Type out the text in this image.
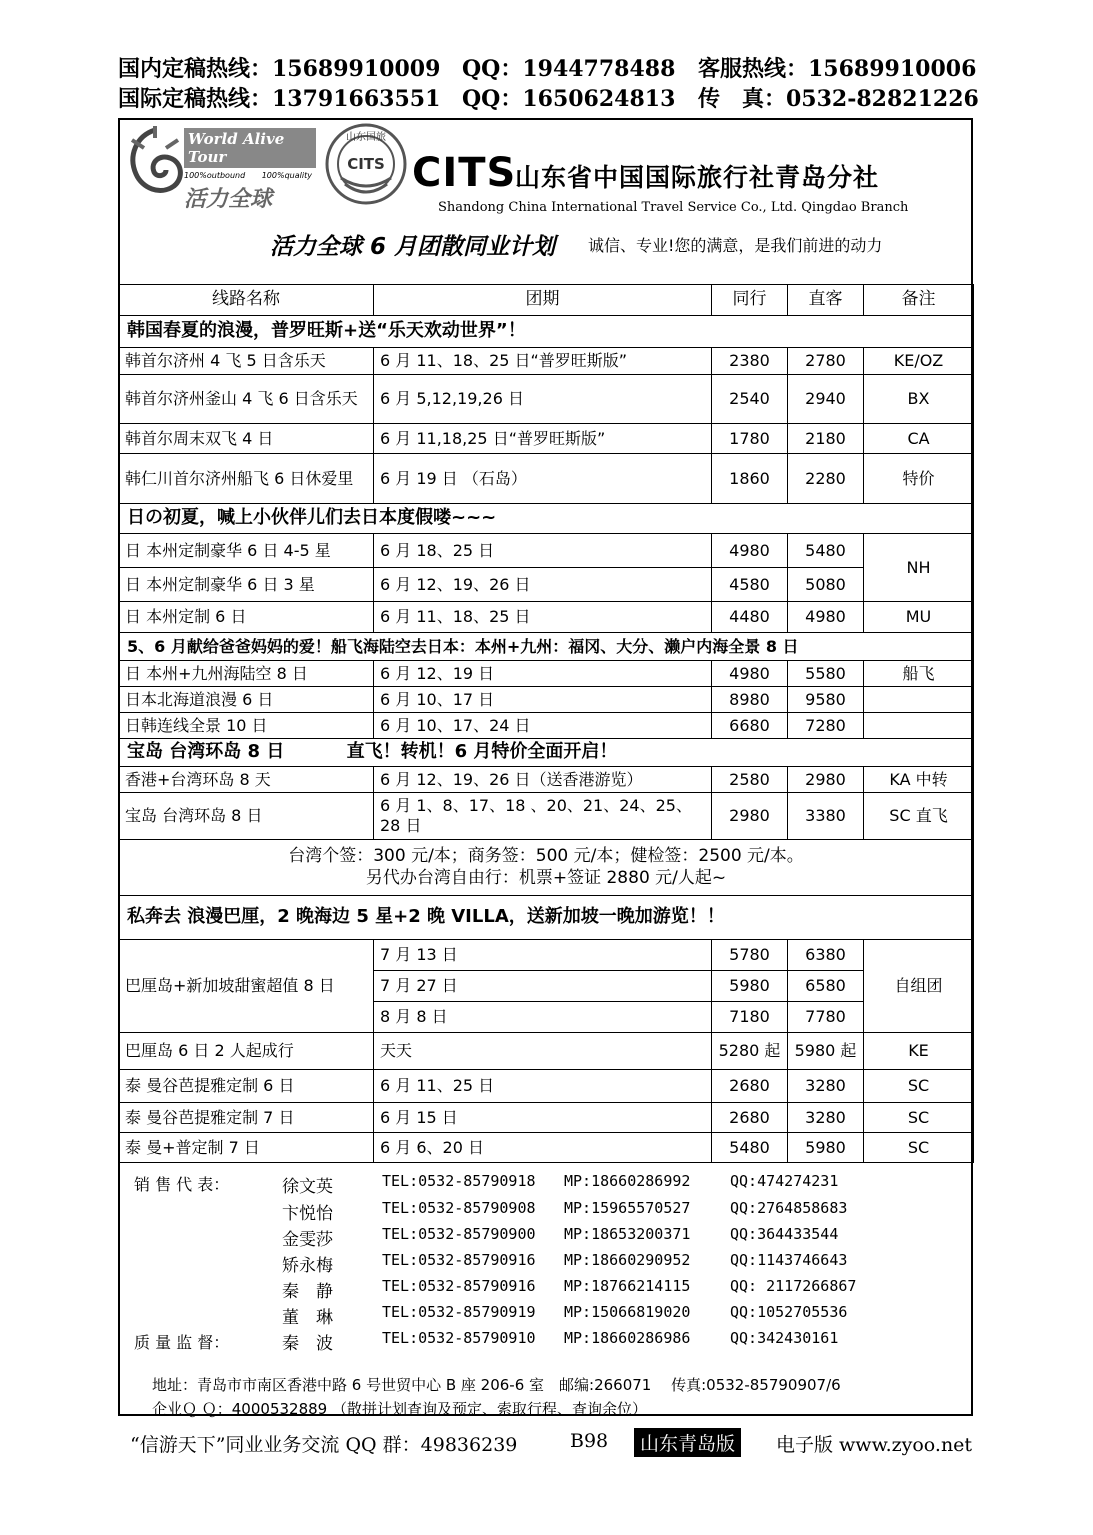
国内定稿热线：15689910009 QQ：1944778488 客服热线：15689910006
国际定稿热线：13791663551 QQ：1650624813 传　真：0532-82821226
World Alive Tour
100%outbound 100%quality
活力全球
山东国旅
CITS CITS
山东省中国国际旅行社青岛分社
Shandong China International Travel Service Co., Ltd. Qingdao Branch
活力全球 6 月团散同业计划 诚信、专业!您的满意，是我们前进的动力
线路名称	团期	同行	直客	备注
韩国春夏的浪漫，普罗旺斯+送“乐天欢动世界”！				
韩首尔济州 4 飞 5 日含乐天	6 月 11、18、25 日“普罗旺斯版”	2380	2780	KE/OZ
韩首尔济州釜山 4 飞 6 日含乐天	6 月 5,12,19,26 日	2540	2940	BX
韩首尔周末双飞 4 日	6 月 11,18,25 日“普罗旺斯版”	1780	2180	CA
韩仁川首尔济州船飞 6 日休爱里	6 月 19 日 （石岛）	1860	2280	特价
日の初夏，喊上小伙伴儿们去日本度假喽~~~				
日 本州定制豪华 6 日 4-5 星	6 月 18、25 日	4980	5480	NH
日 本州定制豪华 6 日 3 星	6 月 12、19、26 日	4580	5080	
日 本州定制 6 日	6 月 11、18、25 日	4480	4980	MU
5、6 月献给爸爸妈妈的爱！船飞海陆空去日本：本州+九州：福冈、大分、濑户内海全景 8 日				
日 本州+九州海陆空 8 日	6 月 12、19 日	4980	5580	船飞
日本北海道浪漫 6 日	6 月 10、17 日	8980	9580	
日韩连线全景 10 日	6 月 10、17、24 日	6680	7280	
宝岛 台湾环岛 8 日 直飞！转机！6 月特价全面开启！				
香港+台湾环岛 8 天	6 月 12、19、26 日（送香港游览）	2580	2980	KA 中转
宝岛 台湾环岛 8 日	6 月 1、8、17、18 、20、21、24、25、28 日	2980	3380	SC 直飞

台湾个签：300 元/本；商务签：500 元/本；健检签：2500 元/本。
另代办台湾自由行：机票+签证 2880 元/人起~				

私奔去 浪漫巴厘，2 晚海边 5 星+2 晚 VILLA，送新加坡一晚加游览！！				
巴厘岛+新加坡甜蜜超值 8 日	7 月 13 日	5780	6380	自组团
	7 月 27 日	5980	6580	
	8 月 8 日	7180	7780	
巴厘岛 6 日 2 人起成行	天天	5280 起	5980 起	KE
泰 曼谷芭提雅定制 6 日	6 月 11、25 日	2680	3280	SC
泰 曼谷芭提雅定制 7 日	6 月 15 日	2680	3280	SC
泰 曼+普定制 7 日	6 月 6、20 日	5480	5980	SC
销 售 代 表：
质 量 监 督：
徐文英	TEL:0532-85790918 MP:18660286992	QQ:474274231
卞悦怡	TEL:0532-85790908 MP:15965570527	QQ:2764858683
金雯莎	TEL:0532-85790900 MP:18653200371	QQ:364433544
矫永梅	TEL:0532-85790916 MP:18660290952	QQ:1143746643
秦　静	TEL:0532-85790916 MP:18766214115	QQ: 2117266867
董　琳	TEL:0532-85790919 MP:15066819020	QQ:1052705536
秦　波	TEL:0532-85790910 MP:18660286986	QQ:342430161
地址：青岛市市南区香港中路 6 号世贸中心 B 座 206-6 室　邮编:266071　 传真:0532-85790907/6
企业Ｑ Ｑ：4000532889 （散拼计划查询及预定、索取行程、查询余位）
“信游天下”同业业务交流 QQ 群：49836239	B98	山东青岛版	电子版 www.zyoo.net
